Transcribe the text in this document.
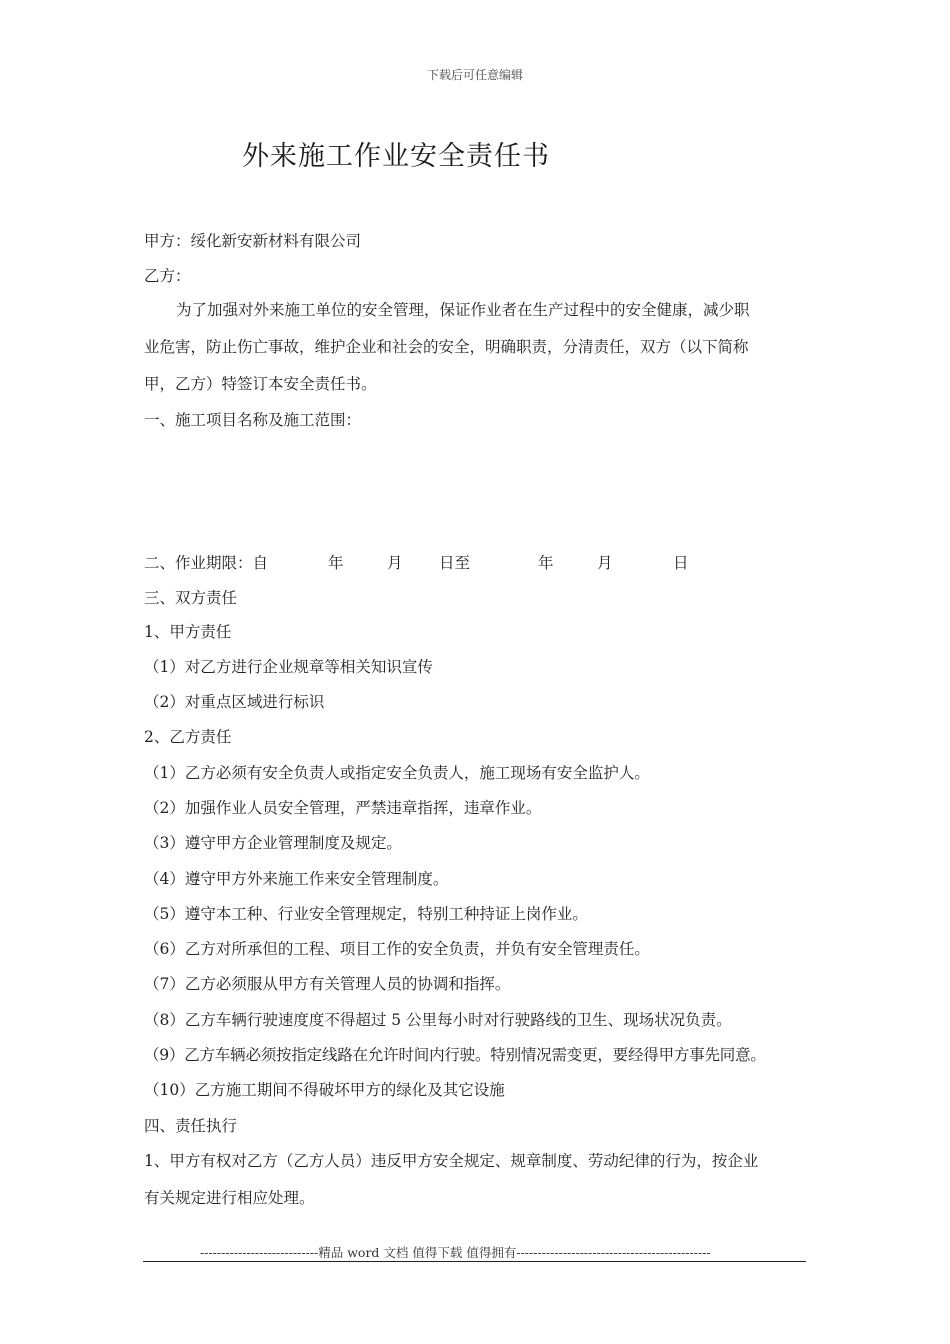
下载后可任意编辑
外来施工作业安全责任书
甲方：绥化新安新材料有限公司
乙方：
为了加强对外来施工单位的安全管理，保证作业者在生产过程中的安全健康，减少职
业危害，防止伤亡事故，维护企业和社会的安全，明确职责，分清责任，双方（以下简称
甲，乙方）特签订本安全责任书。
一、施工项目名称及施工范围：
二、作业期限：自	年	月 日至	年	月	日
三、双方责任
1、甲方责任
（1）对乙方进行企业规章等相关知识宣传
（2）对重点区域进行标识
2、乙方责任
（1）乙方必须有安全负责人或指定安全负责人，施工现场有安全监护人。
（2）加强作业人员安全管理，严禁违章指挥，违章作业。
（3）遵守甲方企业管理制度及规定。
（4）遵守甲方外来施工作来安全管理制度。
（5）遵守本工种、行业安全管理规定，特别工种持证上岗作业。
（6）乙方对所承但的工程、项目工作的安全负责，并负有安全管理责任。
（7）乙方必须服从甲方有关管理人员的协调和指挥。
（8）乙方车辆行驶速度度不得超过 5 公里每小时对行驶路线的卫生、现场状况负责。
（9）乙方车辆必须按指定线路在允许时间内行驶。特别情况需变更，要经得甲方事先同意。
（10）乙方施工期间不得破坏甲方的绿化及其它设施
四、责任执行
1、甲方有权对乙方（乙方人员）违反甲方安全规定、规章制度、劳动纪律的行为，按企业
有关规定进行相应处理。
----------------------------精品 word 文档 值得下载 值得拥有----------------------------------------------
